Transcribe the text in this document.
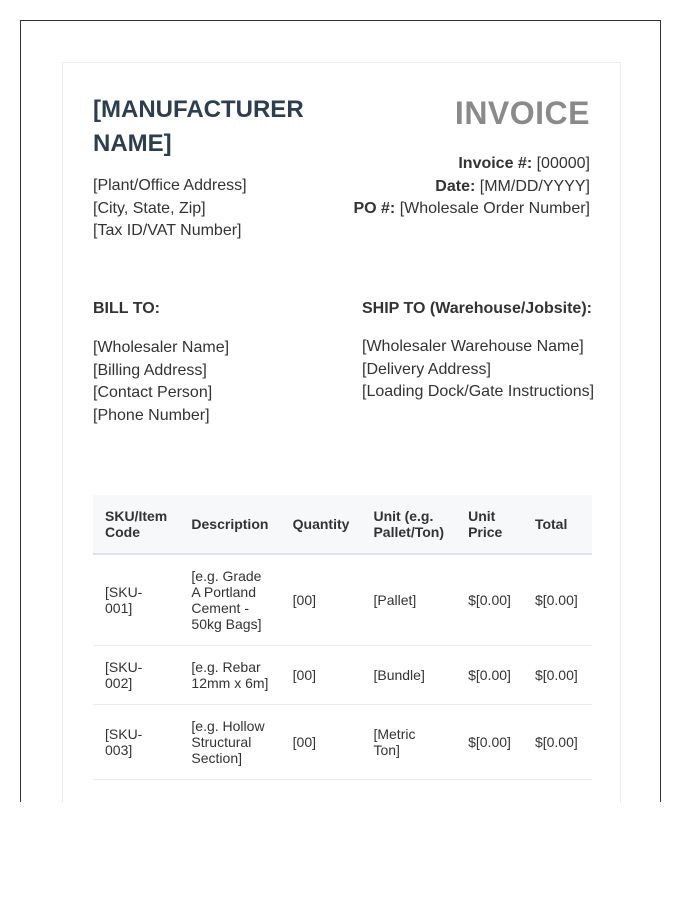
[MANUFACTURER NAME]
[Plant/Office Address]
[City, State, Zip]
[Tax ID/VAT Number]
INVOICE
Invoice #: [00000]
Date: [MM/DD/YYYY]
PO #: [Wholesale Order Number]
BILL TO:
[Wholesaler Name]
[Billing Address]
[Contact Person]
[Phone Number]
SHIP TO (Warehouse/Jobsite):
[Wholesaler Warehouse Name]
[Delivery Address]
[Loading Dock/Gate Instructions]
SKU/Item Code	Description	Quantity	Unit (e.g. Pallet/Ton)	Unit Price	Total
[SKU-001]	[e.g. Grade A Portland Cement - 50kg Bags]	[00]	[Pallet]	$[0.00]	$[0.00]
[SKU-002]	[e.g. Rebar 12mm x 6m]	[00]	[Bundle]	$[0.00]	$[0.00]
[SKU-003]	[e.g. Hollow Structural Section]	[00]	[Metric Ton]	$[0.00]	$[0.00]
